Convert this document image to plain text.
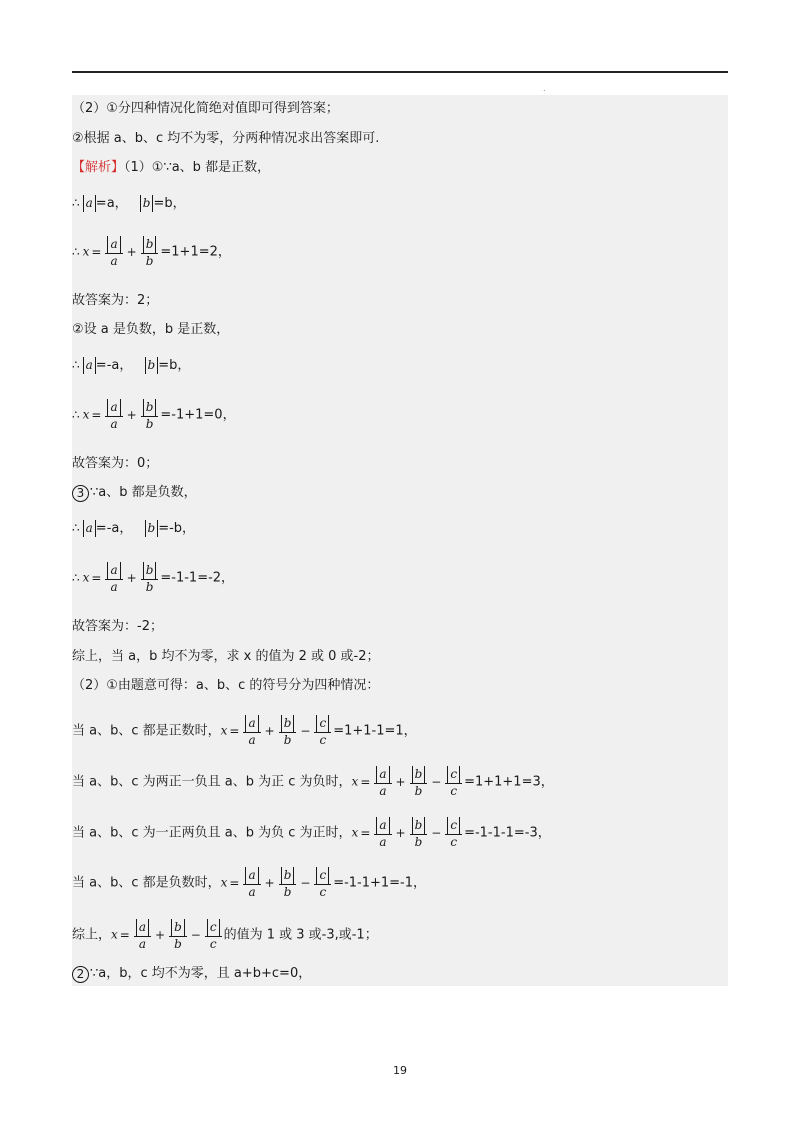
.
（2）①分四种情况化简绝对值即可得到答案；
②根据 a、b、c 均不为零，分两种情况求出答案即可.
【解析】（1）①∵a、b 都是正数，
∴ a =a， b =b，
∴ $x = \frac{a}{a} + \frac{b}{b} =1+1=2$，
故答案为：2；
②设 a 是负数，b 是正数，
∴ a =-a， b =b，
∴ $x = \frac{a}{a} + \frac{b}{b} =-1+1=0$，
故答案为：0；
3 ∵a、b 都是负数，
∴ a =-a， b =-b，
∴ $x = \frac{a}{a} + \frac{b}{b} =-1-1=-2$，
故答案为：-2；
综上，当 a，b 均不为零，求 x 的值为 2 或 0 或-2；
（2）①由题意可得：a、b、c 的符号分为四种情况：
当 a、b、c 都是正数时，$x = \frac{a}{a} + \frac{b}{b} - \frac{c}{c} =1+1-1=1$，
当 a、b、c 为两正一负且 a、b 为正 c 为负时，$x = \frac{a}{a} + \frac{b}{b} - \frac{c}{c} =1+1+1=3$，
当 a、b、c 为一正两负且 a、b 为负 c 为正时，$x = \frac{a}{a} + \frac{b}{b} - \frac{c}{c} =-1-1-1=-3$，
当 a、b、c 都是负数时，$x = \frac{a}{a} + \frac{b}{b} - \frac{c}{c} =-1-1+1=-1$，
综上，$x = \frac{a}{a} + \frac{b}{b} - \frac{c}{c}$ 的值为 1 或 3 或-3,或-1；
2 ∵a，b，c 均不为零，且 a+b+c=0，
19
